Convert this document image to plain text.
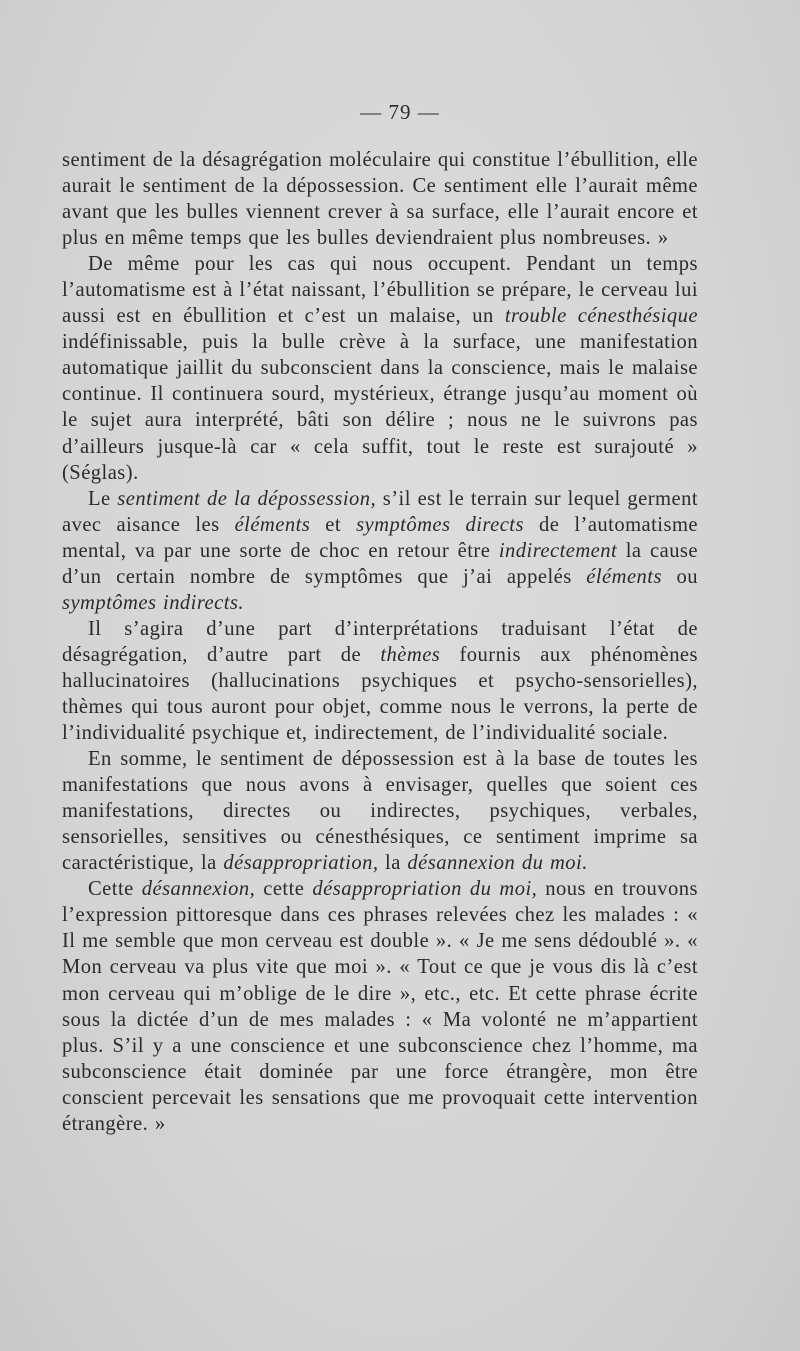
— 79 —

sentiment de la désagrégation moléculaire qui constitue l’ébullition, elle aurait le sentiment de la dépossession. Ce sentiment elle l’aurait même avant que les bulles viennent crever à sa surface, elle l’aurait encore et plus en même temps que les bulles deviendraient plus nombreuses. »

De même pour les cas qui nous occupent. Pendant un temps l’automatisme est à l’état naissant, l’ébullition se prépare, le cerveau lui aussi est en ébullition et c’est un malaise, un trouble cénesthésique indéfinissable, puis la bulle crève à la surface, une manifestation automatique jaillit du subconscient dans la conscience, mais le malaise continue. Il continuera sourd, mystérieux, étrange jusqu’au moment où le sujet aura interprété, bâti son délire ; nous ne le suivrons pas d’ailleurs jusque-là car « cela suffit, tout le reste est surajouté » (Séglas).

Le sentiment de la dépossession, s’il est le terrain sur lequel germent avec aisance les éléments et symptômes directs de l’automatisme mental, va par une sorte de choc en retour être indirectement la cause d’un certain nombre de symptômes que j’ai appelés éléments ou symptômes indirects.

Il s’agira d’une part d’interprétations traduisant l’état de désagrégation, d’autre part de thèmes fournis aux phénomènes hallucinatoires (hallucinations psychiques et psycho-sensorielles), thèmes qui tous auront pour objet, comme nous le verrons, la perte de l’individualité psychique et, indirectement, de l’individualité sociale.

En somme, le sentiment de dépossession est à la base de toutes les manifestations que nous avons à envisager, quelles que soient ces manifestations, directes ou indirectes, psychiques, verbales, sensorielles, sensitives ou cénesthésiques, ce sentiment imprime sa caractéristique, la désappropriation, la désannexion du moi.

Cette désannexion, cette désappropriation du moi, nous en trouvons l’expression pittoresque dans ces phrases relevées chez les malades : « Il me semble que mon cerveau est double ». « Je me sens dédoublé ». « Mon cerveau va plus vite que moi ». « Tout ce que je vous dis là c’est mon cerveau qui m’oblige de le dire », etc., etc. Et cette phrase écrite sous la dictée d’un de mes malades : « Ma volonté ne m’appartient plus. S’il y a une conscience et une subconscience chez l’homme, ma subconscience était dominée par une force étrangère, mon être conscient percevait les sensations que me provoquait cette intervention étrangère. »
